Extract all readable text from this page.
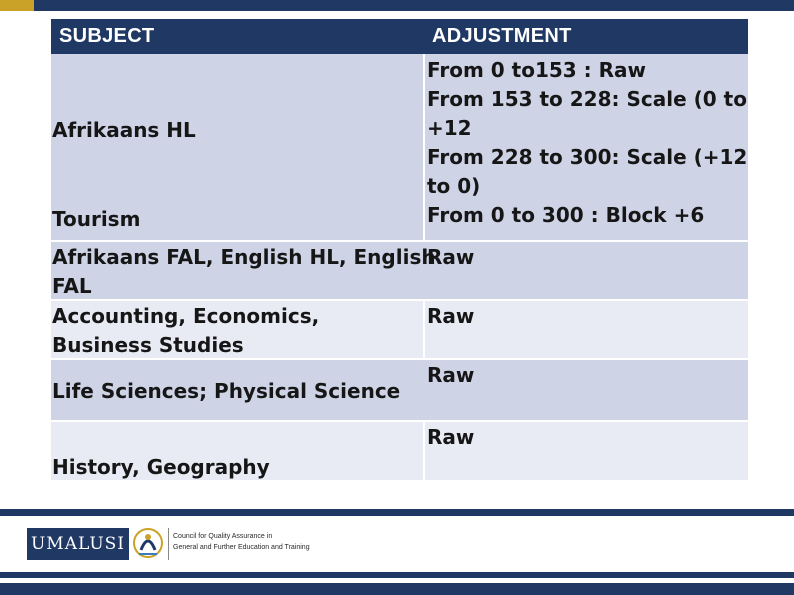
SUBJECT	ADJUSTMENT
Afrikaans HL
Tourism
From 0 to153 : Raw
From 153 to 228: Scale (0 to
+12
From 228 to 300: Scale (+12
to 0)
From 0 to 300 : Block +6
Afrikaans FAL, English HL, English
FAL
Raw
Accounting, Economics,
Business Studies
Raw
Life Sciences; Physical Science
Raw
History, Geography
Raw
UMALUSI	Council for Quality Assurance in
General and Further Education and Training
